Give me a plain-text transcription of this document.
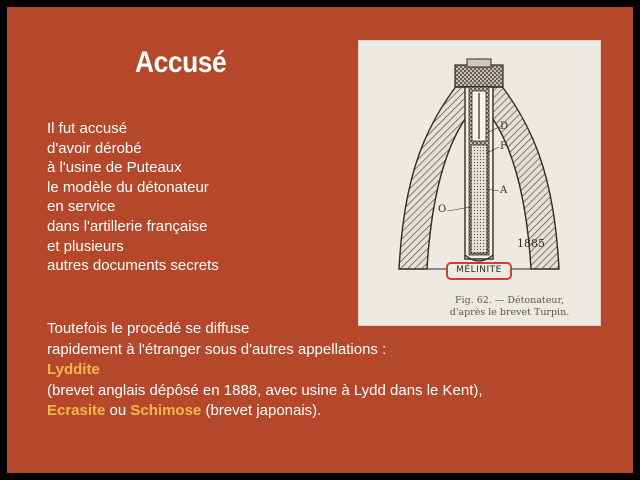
Accusé
Il fut accusé
d'avoir dérobé
à l'usine de Puteaux
le modèle du détonateur
en service
dans l'artillerie française
et plusieurs
autres documents secrets
D
F
A
O
1885
MÉLINITE
Fig. 62. — Détonateur,
d'après le brevet Turpin.
Toutefois le procédé se diffuse
rapidement à l'étranger sous d'autres appellations :
Lyddite
(brevet anglais dépôsé en 1888, avec usine à Lydd dans le Kent),
Ecrasite ou Schimose (brevet japonais).
